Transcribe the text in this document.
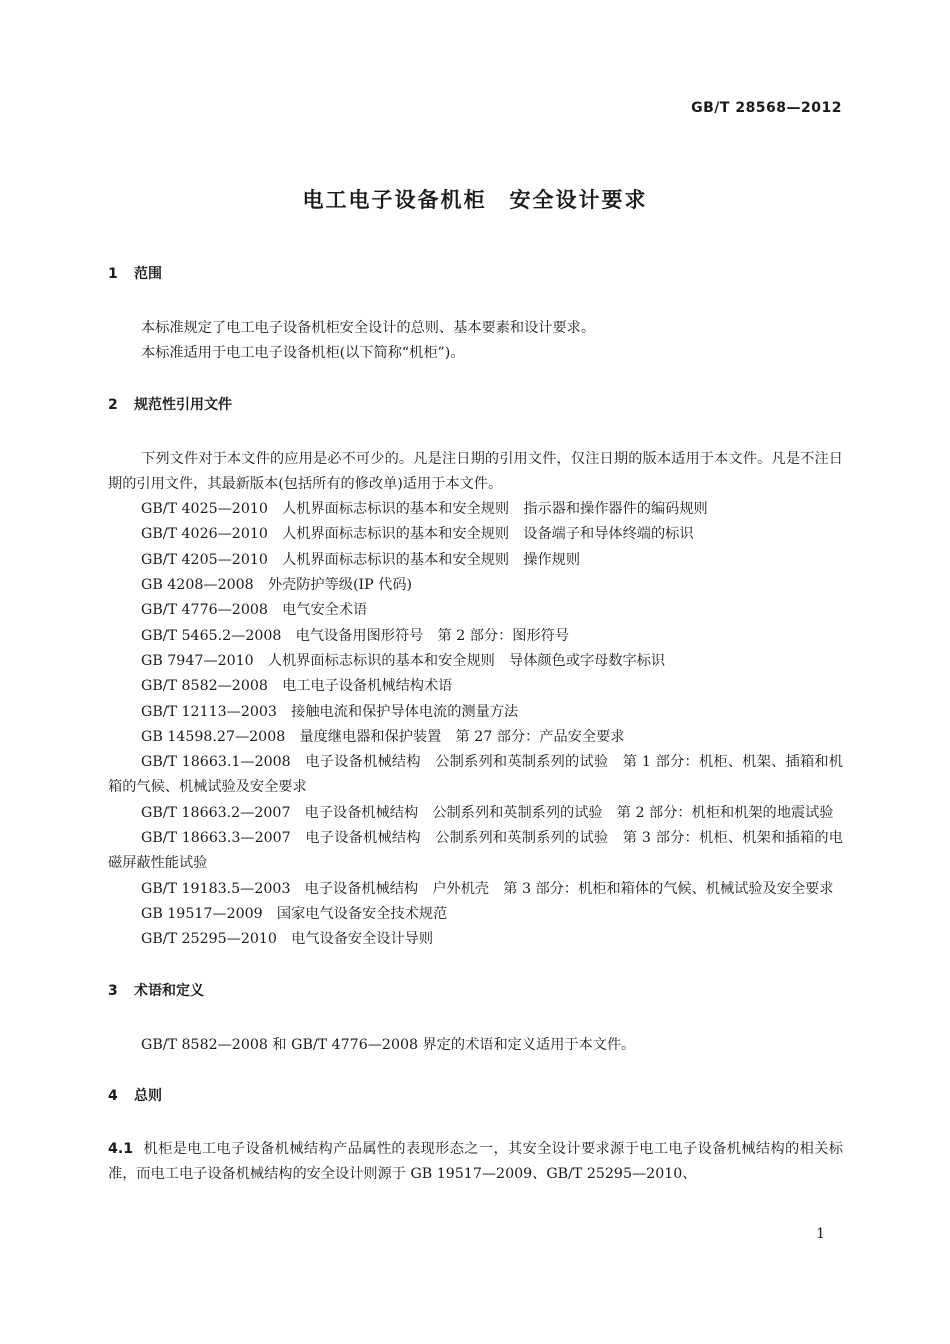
GB/T 28568—2012
电工电子设备机柜　安全设计要求
1 范围
本标准规定了电工电子设备机柜安全设计的总则、基本要素和设计要求。
本标准适用于电工电子设备机柜(以下简称“机柜”)。
2 规范性引用文件
下列文件对于本文件的应用是必不可少的。凡是注日期的引用文件，仅注日期的版本适用于本文件。凡是不注日期的引用文件，其最新版本(包括所有的修改单)适用于本文件。
GB/T 4025—2010　人机界面标志标识的基本和安全规则　指示器和操作器件的编码规则
GB/T 4026—2010　人机界面标志标识的基本和安全规则　设备端子和导体终端的标识
GB/T 4205—2010　人机界面标志标识的基本和安全规则　操作规则
GB 4208—2008　外壳防护等级(IP 代码)
GB/T 4776—2008　电气安全术语
GB/T 5465.2—2008　电气设备用图形符号　第 2 部分：图形符号
GB 7947—2010　人机界面标志标识的基本和安全规则　导体颜色或字母数字标识
GB/T 8582—2008　电工电子设备机械结构术语
GB/T 12113—2003　接触电流和保护导体电流的测量方法
GB 14598.27—2008　量度继电器和保护装置　第 27 部分：产品安全要求
GB/T 18663.1—2008　电子设备机械结构　公制系列和英制系列的试验　第 1 部分：机柜、机架、插箱和机箱的气候、机械试验及安全要求
GB/T 18663.2—2007　电子设备机械结构　公制系列和英制系列的试验　第 2 部分：机柜和机架的地震试验
GB/T 18663.3—2007　电子设备机械结构　公制系列和英制系列的试验　第 3 部分：机柜、机架和插箱的电磁屏蔽性能试验
GB/T 19183.5—2003　电子设备机械结构　户外机壳　第 3 部分：机柜和箱体的气候、机械试验及安全要求
GB 19517—2009　国家电气设备安全技术规范
GB/T 25295—2010　电气设备安全设计导则
3 术语和定义
GB/T 8582—2008 和 GB/T 4776—2008 界定的术语和定义适用于本文件。
4 总则
4.1 机柜是电工电子设备机械结构产品属性的表现形态之一，其安全设计要求源于电工电子设备机械结构的相关标准，而电工电子设备机械结构的安全设计则源于 GB 19517—2009、GB/T 25295—2010、
1
